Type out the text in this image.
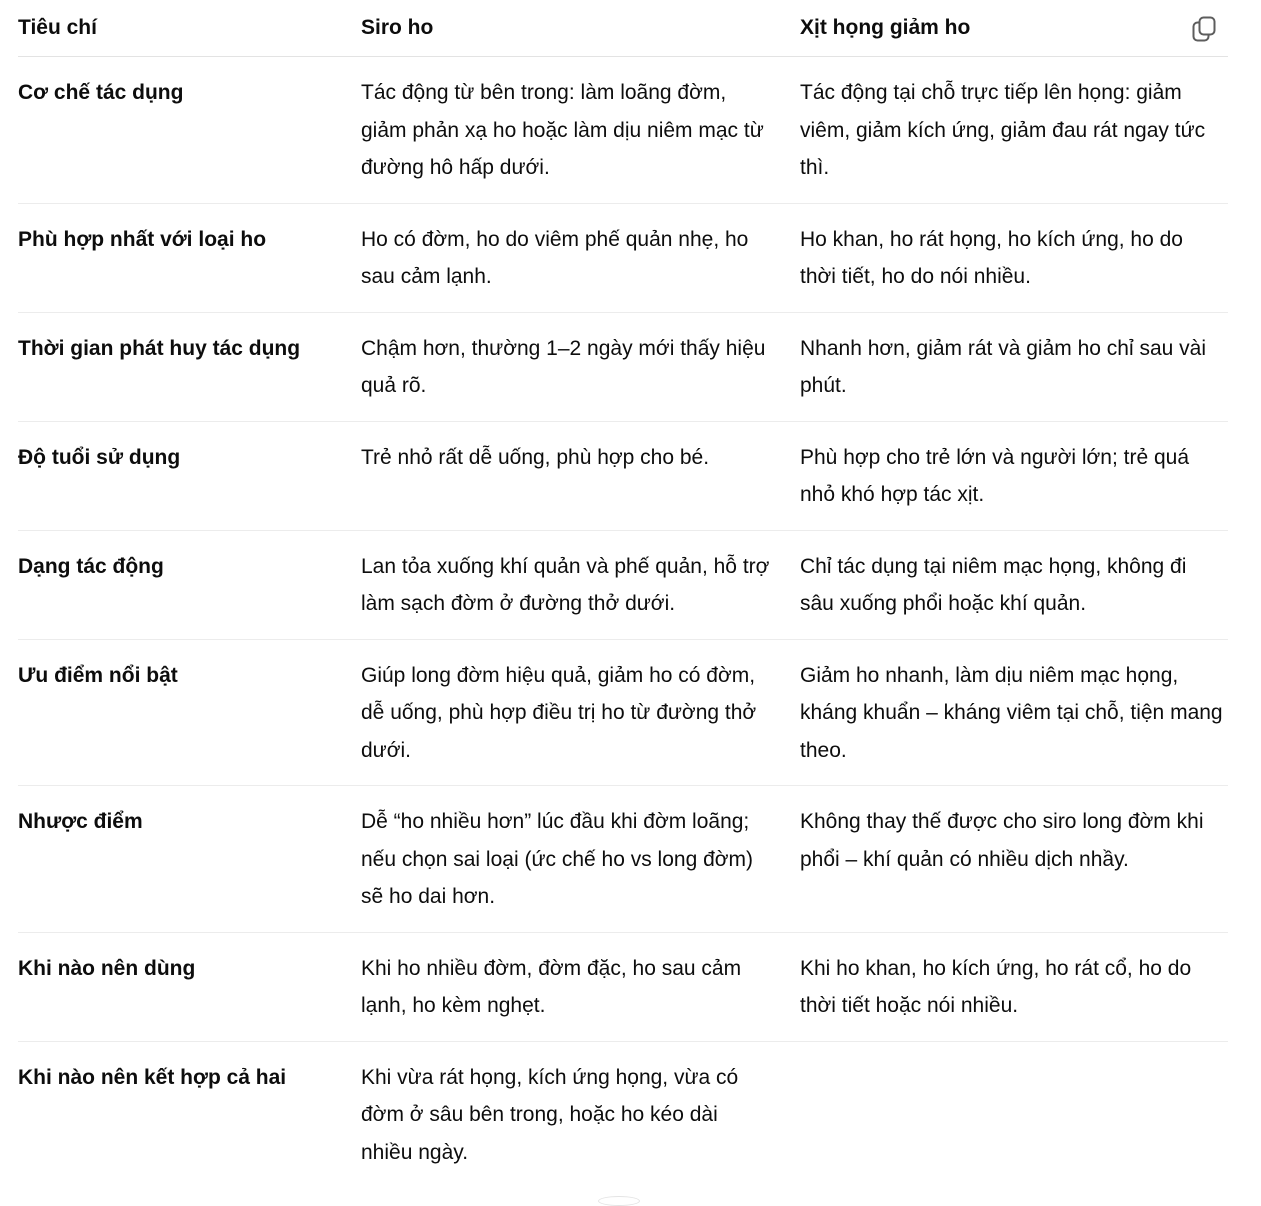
Tiêu chí	Siro ho	Xịt họng giảm ho
Cơ chế tác dụng	Tác động từ bên trong: làm loãng đờm, giảm phản xạ ho hoặc làm dịu niêm mạc từ đường hô hấp dưới.	Tác động tại chỗ trực tiếp lên họng: giảm viêm, giảm kích ứng, giảm đau rát ngay tức thì.
Phù hợp nhất với loại ho	Ho có đờm, ho do viêm phế quản nhẹ, ho sau cảm lạnh.	Ho khan, ho rát họng, ho kích ứng, ho do thời tiết, ho do nói nhiều.
Thời gian phát huy tác dụng	Chậm hơn, thường 1–2 ngày mới thấy hiệu quả rõ.	Nhanh hơn, giảm rát và giảm ho chỉ sau vài phút.
Độ tuổi sử dụng	Trẻ nhỏ rất dễ uống, phù hợp cho bé.	Phù hợp cho trẻ lớn và người lớn; trẻ quá nhỏ khó hợp tác xịt.
Dạng tác động	Lan tỏa xuống khí quản và phế quản, hỗ trợ làm sạch đờm ở đường thở dưới.	Chỉ tác dụng tại niêm mạc họng, không đi sâu xuống phổi hoặc khí quản.
Ưu điểm nổi bật	Giúp long đờm hiệu quả, giảm ho có đờm, dễ uống, phù hợp điều trị ho từ đường thở dưới.	Giảm ho nhanh, làm dịu niêm mạc họng, kháng khuẩn – kháng viêm tại chỗ, tiện mang theo.
Nhược điểm	Dễ “ho nhiều hơn” lúc đầu khi đờm loãng; nếu chọn sai loại (ức chế ho vs long đờm) sẽ ho dai hơn.	Không thay thế được cho siro long đờm khi phổi – khí quản có nhiều dịch nhầy.
Khi nào nên dùng	Khi ho nhiều đờm, đờm đặc, ho sau cảm lạnh, ho kèm nghẹt.	Khi ho khan, ho kích ứng, ho rát cổ, ho do thời tiết hoặc nói nhiều.
Khi nào nên kết hợp cả hai	Khi vừa rát họng, kích ứng họng, vừa có đờm ở sâu bên trong, hoặc ho kéo dài nhiều ngày.	
